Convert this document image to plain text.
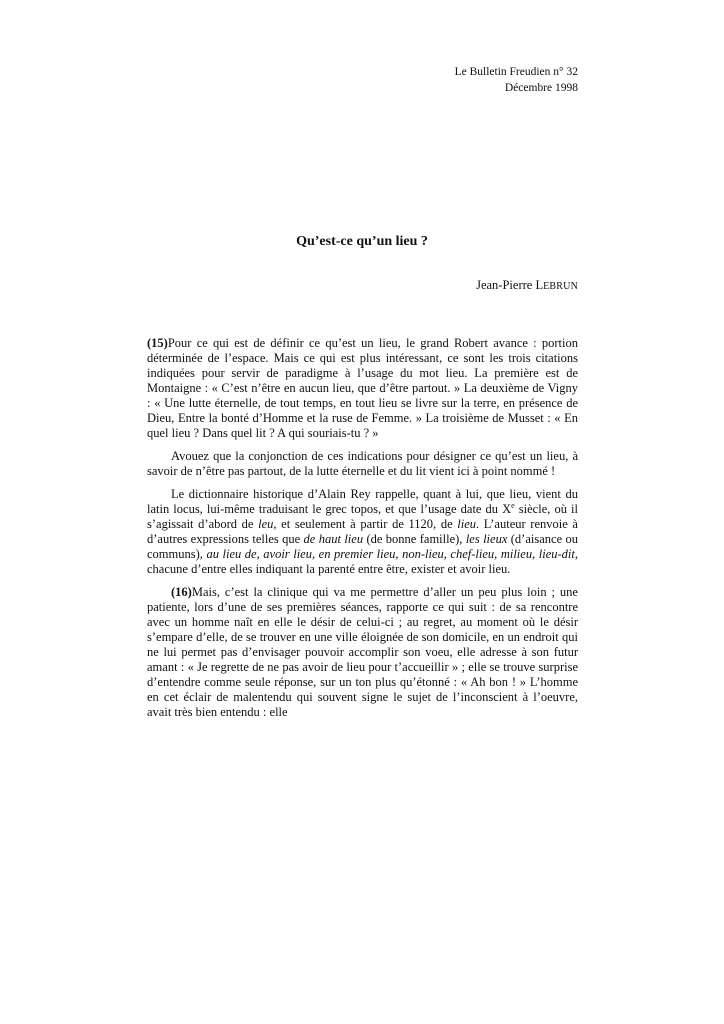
Le Bulletin Freudien n° 32
Décembre 1998
Qu’est-ce qu’un lieu ?
Jean-Pierre LEBRUN

(15)Pour ce qui est de définir ce qu’est un lieu, le grand Robert avance : portion déterminée de l’espace. Mais ce qui est plus intéressant, ce sont les trois citations indiquées pour servir de paradigme à l’usage du mot lieu. La première est de Montaigne : « C’est n’être en aucun lieu, que d’être partout. » La deuxième de Vigny : « Une lutte éternelle, de tout temps, en tout lieu se livre sur la terre, en présence de Dieu, Entre la bonté d’Homme et la ruse de Femme. » La troisième de Musset : « En quel lieu ? Dans quel lit ? A qui souriais-tu ? »

Avouez que la conjonction de ces indications pour désigner ce qu’est un lieu, à savoir de n’être pas partout, de la lutte éternelle et du lit vient ici à point nommé !

Le dictionnaire historique d’Alain Rey rappelle, quant à lui, que lieu, vient du latin locus, lui-même traduisant le grec topos, et que l’usage date du Xe siècle, où il s’agissait d’abord de leu, et seulement à partir de 1120, de lieu. L’auteur renvoie à d’autres expressions telles que de haut lieu (de bonne famille), les lieux (d’aisance ou communs), au lieu de, avoir lieu, en premier lieu, non-lieu, chef-lieu, milieu, lieu-dit, chacune d’entre elles indiquant la parenté entre être, exister et avoir lieu.

(16)Mais, c’est la clinique qui va me permettre d’aller un peu plus loin ; une patiente, lors d’une de ses premières séances, rapporte ce qui suit : de sa rencontre avec un homme naît en elle le désir de celui-ci ; au regret, au moment où le désir s’empare d’elle, de se trouver en une ville éloignée de son domicile, en un endroit qui ne lui permet pas d’envisager pouvoir accomplir son voeu, elle adresse à son futur amant : « Je regrette de ne pas avoir de lieu pour t’accueillir » ; elle se trouve surprise d’entendre comme seule réponse, sur un ton plus qu’étonné : « Ah bon ! » L’homme en cet éclair de malentendu qui souvent signe le sujet de l’inconscient à l’oeuvre, avait très bien entendu : elle
